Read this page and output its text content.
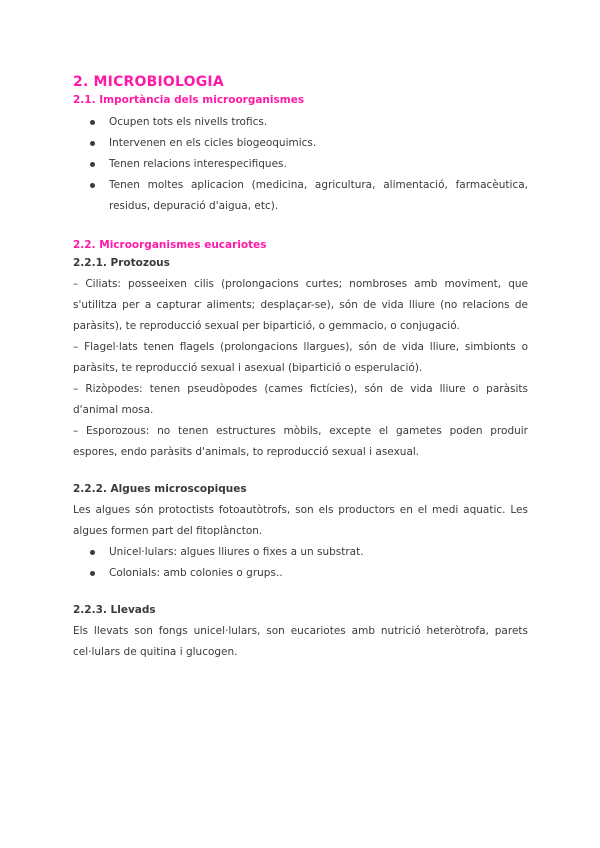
2. MICROBIOLOGIA
2.1. Importància dels microorganismes
Ocupen tots els nivells trofics.
Intervenen en els cicles biogeoquimics.
Tenen relacions interespecifiques.
Tenen moltes aplicacion (medicina, agricultura, alimentació, farmacèutica, residus, depuració d'aigua, etc).
2.2. Microorganismes eucariotes
2.2.1. Protozous

– Ciliats: posseeixen cilis (prolongacions curtes; nombroses amb moviment, que s'utilitza per a capturar aliments; desplaçar-se), són de vida lliure (no relacions de paràsits), te reproducció sexual per bipartició, o gemmacio, o conjugació.

– Flagel·lats tenen flagels (prolongacions llargues), són de vida lliure, simbionts o paràsits, te reproducció sexual i asexual (bipartició o esperulació).

– Rizòpodes: tenen pseudòpodes (cames fictícies), són de vida lliure o paràsits d'animal mosa.

– Esporozous: no tenen estructures mòbils, excepte el gametes poden produir espores, endo paràsits d'animals, to reproducció sexual i asexual.

2.2.2. Algues microscopiques

Les algues són protoctists fotoautòtrofs, son els productors en el medi aquatic. Les algues formen part del fitoplàncton.

Unicel·lulars: algues lliures o fixes a un substrat.
Colonials: amb colonies o grups..
2.2.3. Llevads

Els llevats son fongs unicel·lulars, son eucariotes amb nutrició heteròtrofa, parets cel·lulars de quitina i glucogen.
